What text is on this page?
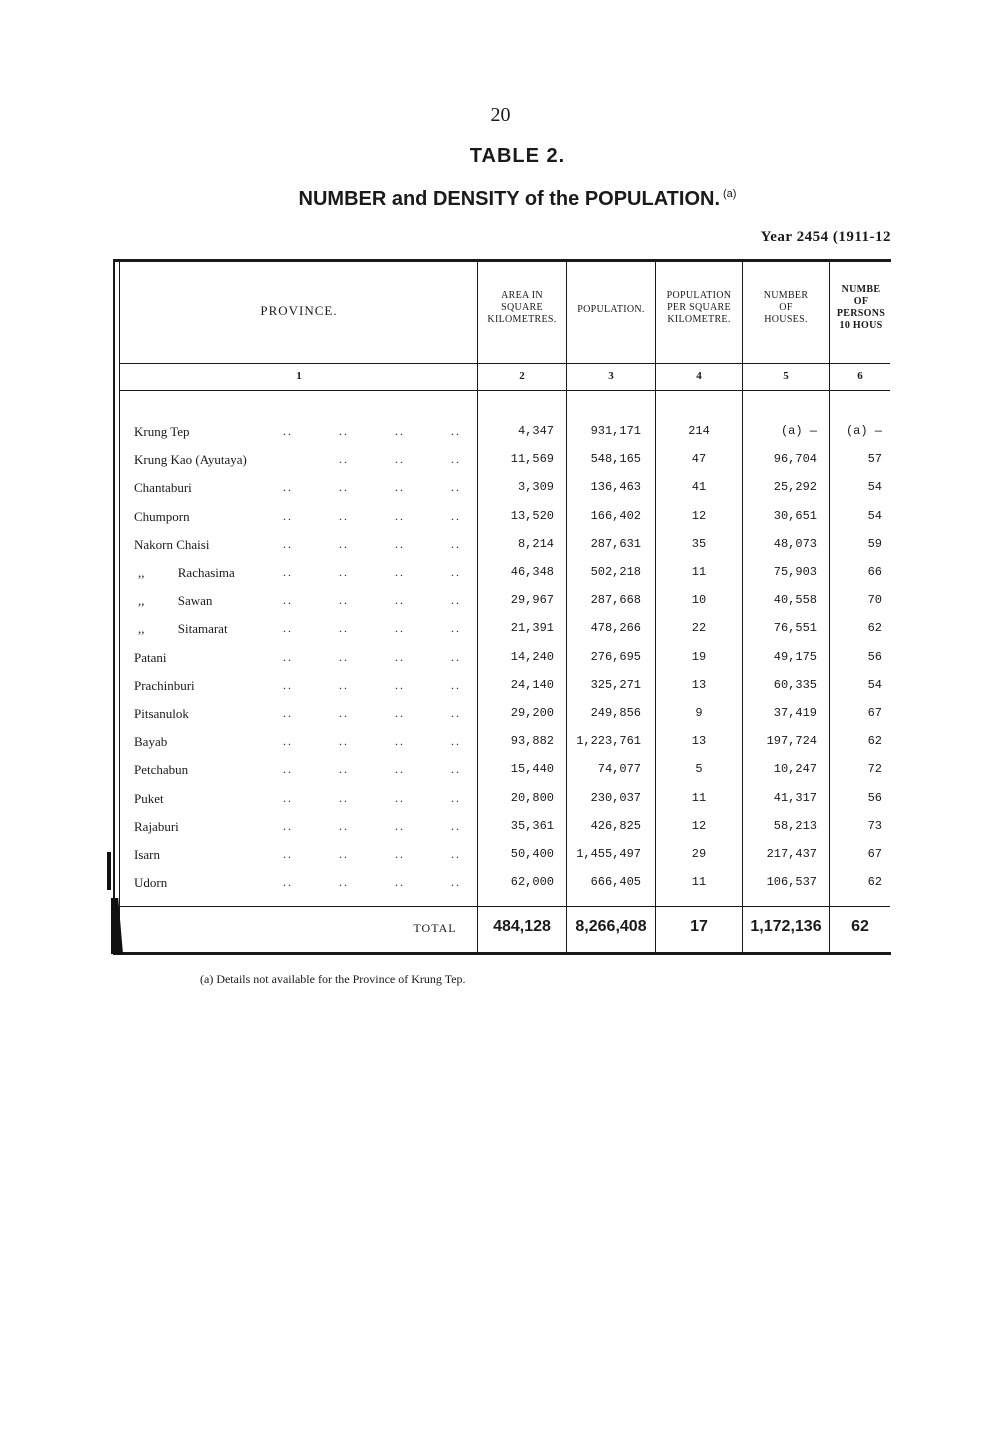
20
TABLE 2.
NUMBER and DENSITY of the POPULATION. $^{(a)}$
Year 2454 (1911-12
PROVINCE.
AREA IN
SQUARE
KILOMETRES.
POPULATION.
POPULATION
PER SQUARE
KILOMETRE.
NUMBER
OF
HOUSES.
NUMBE
OF
PERSONS
10 HOUS
1	2	3	4	5	6
Krung Tep	..	..	..	..	4,347	931,171	214	(a) —	(a) —
Krung Kao (Ayutaya)	..	..	..	11,569	548,165	47	96,704	57
Chantaburi	..	..	..	..	3,309	136,463	41	25,292	54
Chumporn	..	..	..	..	13,520	166,402	12	30,651	54
Nakorn Chaisi	..	..	..	..	8,214	287,631	35	48,073	59
,, Rachasima	..	..	..	..	46,348	502,218	11	75,903	66
,, Sawan	..	..	..	..	29,967	287,668	10	40,558	70
,, Sitamarat	..	..	..	..	21,391	478,266	22	76,551	62
Patani	..	..	..	..	14,240	276,695	19	49,175	56
Prachinburi	..	..	..	..	24,140	325,271	13	60,335	54
Pitsanulok	..	..	..	..	29,200	249,856	9	37,419	67
Bayab	..	..	..	..	93,882	1,223,761	13	197,724	62
Petchabun	..	..	..	..	15,440	74,077	5	10,247	72
Puket	..	..	..	..	20,800	230,037	11	41,317	56
Rajaburi	..	..	..	..	35,361	426,825	12	58,213	73
Isarn	..	..	..	..	50,400	1,455,497	29	217,437	67
Udorn	..	..	..	..	62,000	666,405	11	106,537	62
TOTAL	484,128	8,266,408	17	1,172,136	62
(a) Details not available for the Province of Krung Tep.
